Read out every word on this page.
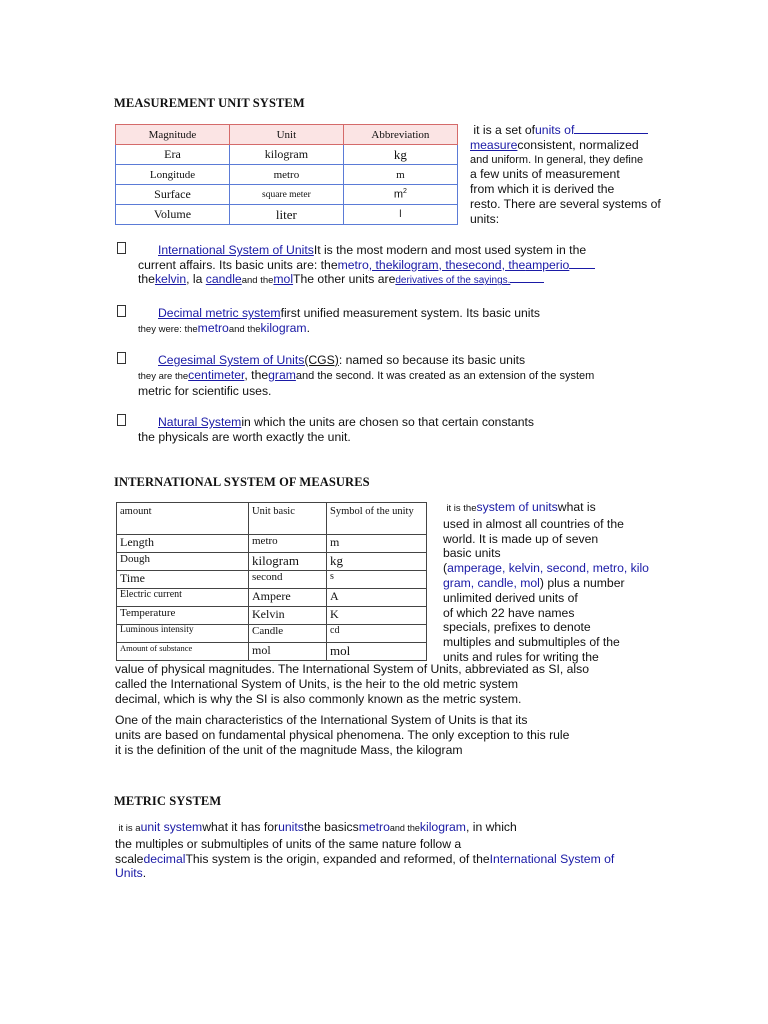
MEASUREMENT UNIT SYSTEM
Magnitude	Unit	Abbreviation
Era	kilogram	kg
Longitude	metro	m
Surface	square meter	$m^2$
Volume	liter	l
it is a set ofunits of
measureconsistent, normalized
and uniform. In general, they define
a few units of measurement
from which it is derived the
resto. There are several systems of
units:
International System of UnitsIt is the most modern and most used system in the
current affairs. Its basic units are: themetro, thekilogram, thesecond, theamperio
thekelvin, la candleand themolThe other units arederivatives of the sayings.
Decimal metric systemfirst unified measurement system. Its basic units
they were: themetroand thekilogram.
Cegesimal System of Units(CGS): named so because its basic units
they are thecentimeter, thegramand the second. It was created as an extension of the system
metric for scientific uses.
Natural Systemin which the units are chosen so that certain constants
the physicals are worth exactly the unit.
INTERNATIONAL SYSTEM OF MEASURES
amount	Unit basic	Symbol of the unity
Length	metro	m
Dough	kilogram	kg
Time	second	s
Electric current	Ampere	A
Temperature	Kelvin	K
Luminous intensity	Candle	cd
Amount of substance	mol	mol
it is thesystem of unitswhat is
used in almost all countries of the
world. It is made up of seven
basic units
(amperage, kelvin, second, metro, kilo
gram, candle, mol) plus a number
unlimited derived units of
of which 22 have names
specials, prefixes to denote
multiples and submultiples of the
units and rules for writing the
value of physical magnitudes. The International System of Units, abbreviated as SI, also
called the International System of Units, is the heir to the old metric system
decimal, which is why the SI is also commonly known as the metric system.
One of the main characteristics of the International System of Units is that its
units are based on fundamental physical phenomena. The only exception to this rule
it is the definition of the unit of the magnitude Mass, the kilogram
METRIC SYSTEM
it is aunit systemwhat it has forunitsthe basicsmetroand thekilogram, in which
the multiples or submultiples of units of the same nature follow a
scaledecimalThis system is the origin, expanded and reformed, of theInternational System of
Units.
